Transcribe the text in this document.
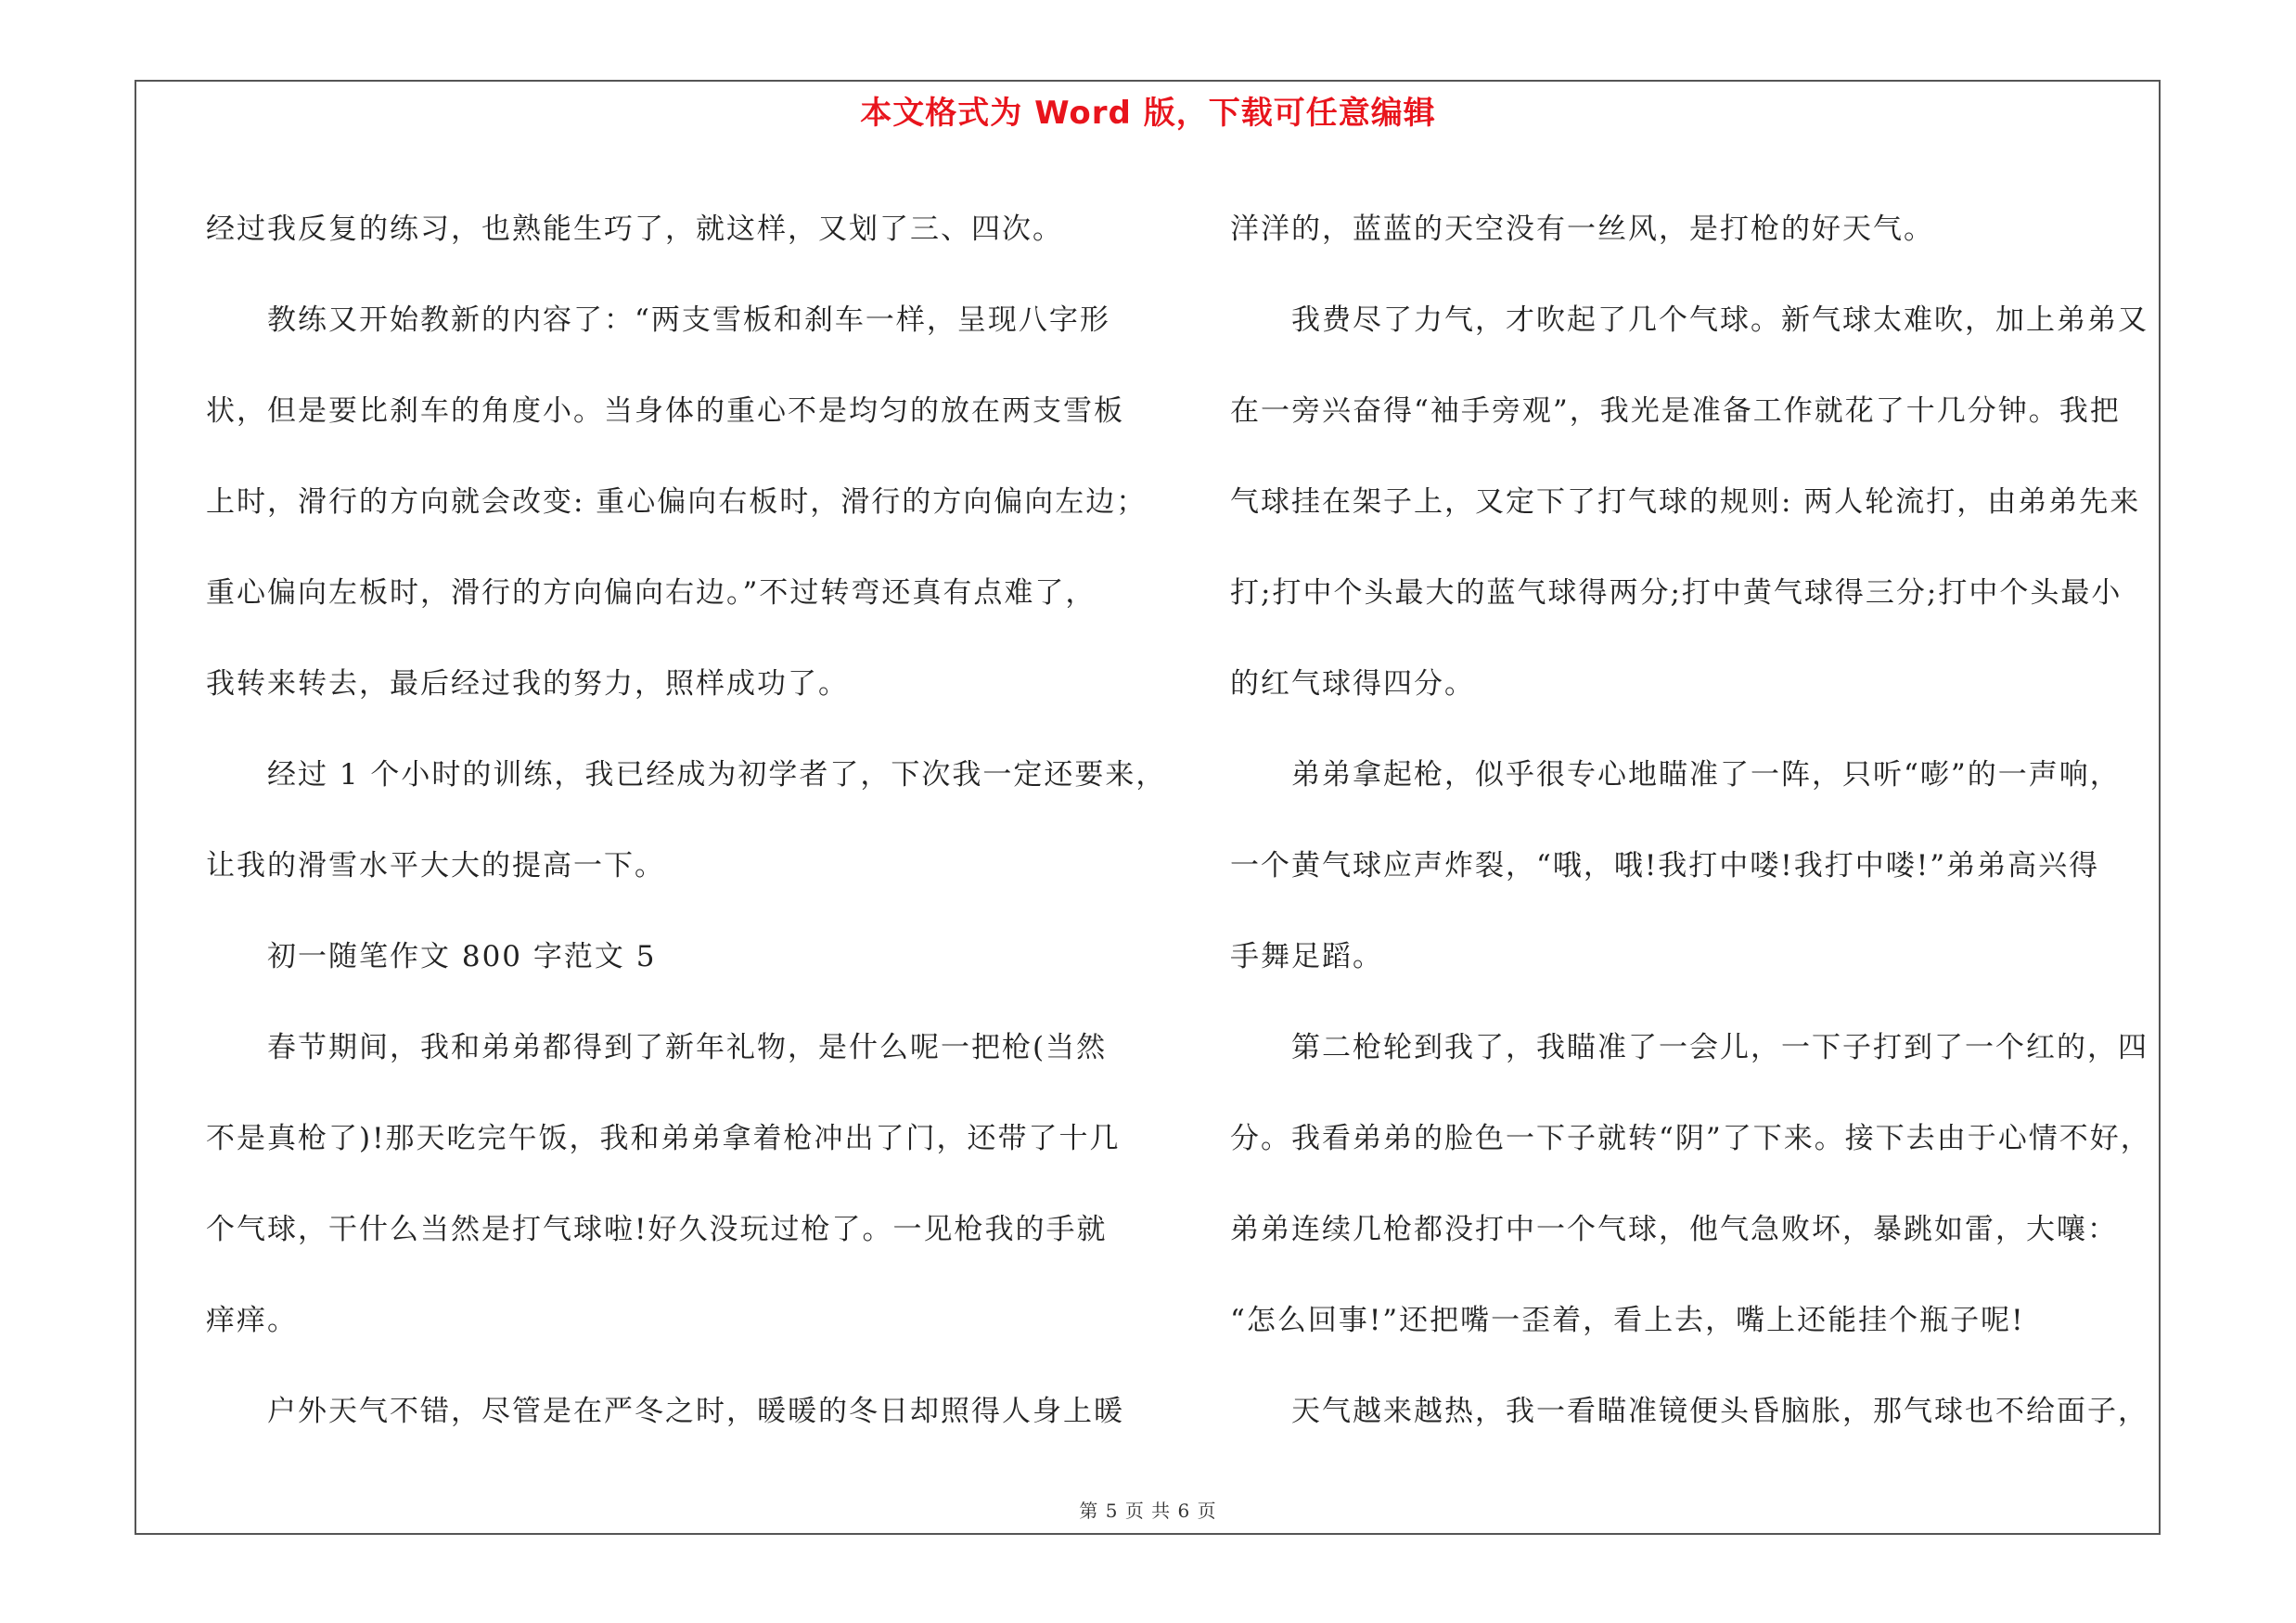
本文格式为 Word 版，下载可任意编辑

经过我反复的练习，也熟能生巧了，就这样，又划了三、四次。

　　教练又开始教新的内容了：“两支雪板和刹车一样，呈现八字形

状，但是要比刹车的角度小。当身体的重心不是均匀的放在两支雪板

上时，滑行的方向就会改变: 重心偏向右板时，滑行的方向偏向左边；

重心偏向左板时，滑行的方向偏向右边。”不过转弯还真有点难了，

我转来转去，最后经过我的努力，照样成功了。

　　经过 1 个小时的训练，我已经成为初学者了，下次我一定还要来，

让我的滑雪水平大大的提高一下。

　　初一随笔作文 800 字范文 5

　　春节期间，我和弟弟都得到了新年礼物，是什么呢一把枪(当然

不是真枪了)!那天吃完午饭，我和弟弟拿着枪冲出了门，还带了十几

个气球，干什么当然是打气球啦!好久没玩过枪了。一见枪我的手就

痒痒。

　　户外天气不错，尽管是在严冬之时，暖暖的冬日却照得人身上暖

洋洋的，蓝蓝的天空没有一丝风，是打枪的好天气。

　　我费尽了力气，才吹起了几个气球。新气球太难吹，加上弟弟又

在一旁兴奋得“袖手旁观”，我光是准备工作就花了十几分钟。我把

气球挂在架子上，又定下了打气球的规则: 两人轮流打，由弟弟先来

打;打中个头最大的蓝气球得两分;打中黄气球得三分;打中个头最小

的红气球得四分。

　　弟弟拿起枪，似乎很专心地瞄准了一阵，只听“嘭”的一声响，

一个黄气球应声炸裂，“哦，哦!我打中喽!我打中喽!”弟弟高兴得

手舞足蹈。

　　第二枪轮到我了，我瞄准了一会儿，一下子打到了一个红的，四

分。我看弟弟的脸色一下子就转“阴”了下来。接下去由于心情不好，

弟弟连续几枪都没打中一个气球，他气急败坏，暴跳如雷，大嚷：

“怎么回事!”还把嘴一歪着，看上去，嘴上还能挂个瓶子呢!

　　天气越来越热，我一看瞄准镜便头昏脑胀，那气球也不给面子，

第 5 页 共 6 页
